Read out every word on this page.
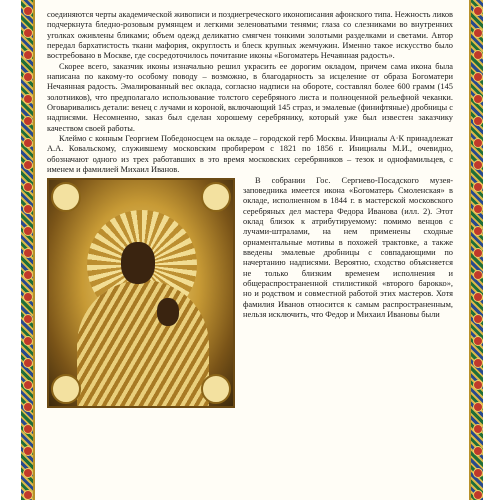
соединяются черты академической живописи и поздиегреческого иконописания афонского типа. Нежность ликов подчеркнута бледно-розовым румянцем и легкими зеленоватыми тенями; глаза со слезниками во внутренних уголках оживлены бликами; объем одежд деликатно смягчен тонкими золотыми разделками и светами. Автор передал бархатистость ткани мафория, округлость и блеск крупных жемчужин. Именно такое искусство было востребовано в Москве, где сосредоточилось почитание иконы «Богоматерь Нечаянная радость».

Скорее всего, заказчик иконы изначально решил украсить ее дорогим окладом, причем сама икона была написана по какому-то особому поводу – возможно, в благодарность за исцеление от образа Богоматери Нечаянная радость. Эмалированный вес оклада, согласно надписи на обороте, составлял более 600 грамм (145 золотников), что предполагало использование толстого серебряного листа и полноценной рельефной чеканки. Оговаривались детали: венец с лучами и короной, включающий 145 страз, и эмалевые (финифтяные) дробницы с надписями. Несомненно, заказ был сделан хорошему серебрянику, который уже был известен заказчику качеством своей работы.

Клеймо с конным Георгием Победоносцем на окладе – городской герб Москвы. Инициалы А·К принадлежат А.А. Ковальскому, служившему московским пробирером с 1821 по 1856 г. Инициалы М.И., очевидно, обозначают одного из трех работавших в это время московских серебряников – тезок и однофамильцев, с именем и фамилией Михаил Иванов.

В собрании Гос. Сергиево-Посадского музея-заповедника имеется икона «Богоматерь Смоленская» в окладе, исполненном в 1844 г. в мастерской московского серебряных дел мастера Федора Иванова (илл. 2). Этот оклад близок к атрибутируемому: помимо венцов с лучами-штралами, на нем применены сходные орнаментальные мотивы в похожей трактовке, а также введены эмалевые дробницы с совпадающими по начертанию надписями. Вероятно, сходство объясняется не только близким временем исполнения и общераспространенной стилистикой «второго барокко», но и родством и совместной работой этих мастеров. Хотя фамилия Иванов относится к самым распространенным, нельзя исключить, что Федор и Михаил Ивановы были
